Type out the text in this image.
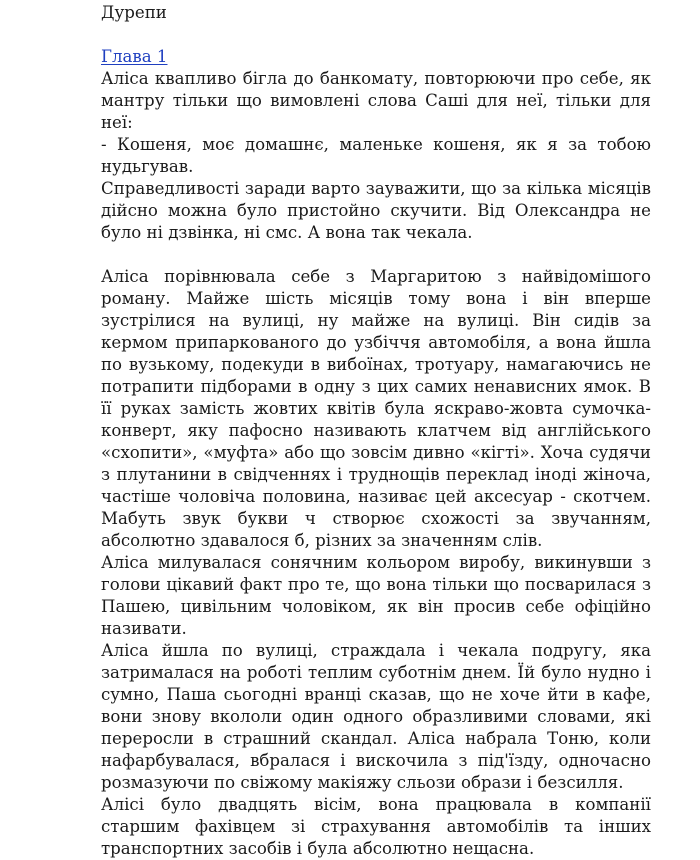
Дурепи

Глава 1

Аліса квапливо бігла до банкомату, повторюючи про себе, як мантру тільки що вимовлені слова Саші для неї, тільки для неї:

- Кошеня, моє домашнє, маленьке кошеня, як я за тобою нудьгував.

Справедливості заради варто зауважити, що за кілька місяців дійсно можна було пристойно скучити. Від Олександра не було ні дзвінка, ні смс. А вона так чекала.

Аліса порівнювала себе з Маргаритою з найвідомішого роману. Майже шість місяців тому вона і він вперше зустрілися на вулиці, ну майже на вулиці. Він сидів за кермом припаркованого до узбіччя автомобіля, а вона йшла по вузькому, подекуди в вибоїнах, тротуару, намагаючись не потрапити підборами в одну з цих самих ненависних ямок. В її руках замість жовтих квітів була яскраво-жовта сумочка-конверт, яку пафосно називають клатчем від англійського «схопити», «муфта» або що зовсім дивно «кігті». Хоча судячи з плутанини в свідченнях і труднощів переклад іноді жіноча, частіше чоловіча половина, називає цей аксесуар - скотчем. Мабуть звук букви ч створює схожості за звучанням, абсолютно здавалося б, різних за значенням слів.

Аліса милувалася сонячним кольором виробу, викинувши з голови цікавий факт про те, що вона тільки що посварилася з Пашею, цивільним чоловіком, як він просив себе офіційно називати.

Аліса йшла по вулиці, страждала і чекала подругу, яка затрималася на роботі теплим суботнім днем. Їй було нудно і сумно, Паша сьогодні вранці сказав, що не хоче йти в кафе, вони знову вкололи один одного образливими словами, які переросли в страшний скандал. Аліса набрала Тоню, коли нафарбувалася, вбралася і вискочила з під'їзду, одночасно розмазуючи по свіжому макіяжу сльози образи і безсилля.

Алісі було двадцять вісім, вона працювала в компанії старшим фахівцем зі страхування автомобілів та інших транспортних засобів і була абсолютно нещасна.
